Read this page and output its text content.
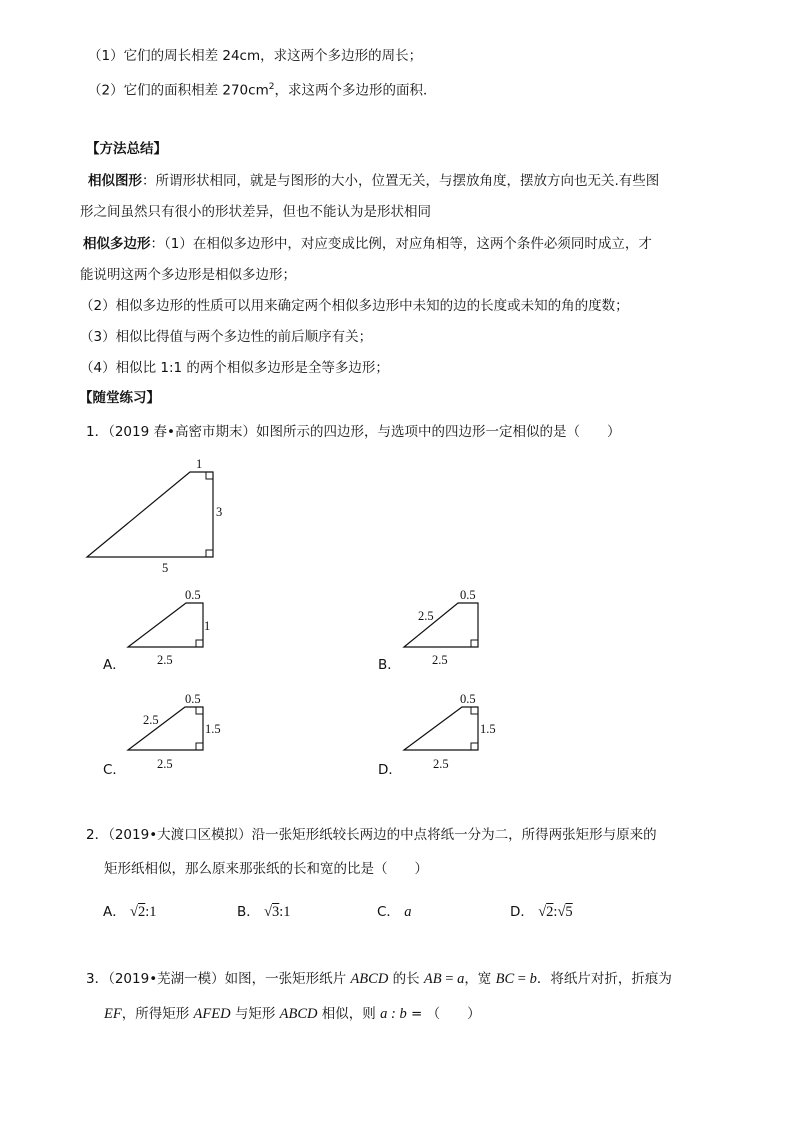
（1）它们的周长相差 24cm，求这两个多边形的周长；
（2）它们的面积相差 $270cm^2$，求这两个多边形的面积．
【方法总结】
相似图形：所谓形状相同，就是与图形的大小，位置无关，与摆放角度，摆放方向也无关.有些图
形之间虽然只有很小的形状差异，但也不能认为是形状相同
相似多边形：（1）在相似多边形中，对应变成比例，对应角相等，这两个条件必须同时成立，才
能说明这两个多边形是相似多边形；
（2）相似多边形的性质可以用来确定两个相似多边形中未知的边的长度或未知的角的度数；
（3）相似比得值与两个多边性的前后顺序有关；
（4）相似比 1:1 的两个相似多边形是全等多边形；
【随堂练习】
1．（2019 春•高密市期末）如图所示的四边形，与选项中的四边形一定相似的是（　　）
1
3
5
0.5
1
2.5
0.5
2.5
2.5
0.5
2.5
1.5
2.5
0.5
1.5
2.5
A．	B．
C．	D．
2．（2019•大渡口区模拟）沿一张矩形纸较长两边的中点将纸一分为二，所得两张矩形与原来的
矩形纸相似，那么原来那张纸的长和宽的比是（　　）
A． √2:1	B． √3:1	C． a	D． √2:√5
3．（2019•芜湖一模）如图，一张矩形纸片 ABCD 的长 AB = a，宽 BC = b．将纸片对折，折痕为
EF，所得矩形 AFED 与矩形 ABCD 相似，则 a : b = （　　）
